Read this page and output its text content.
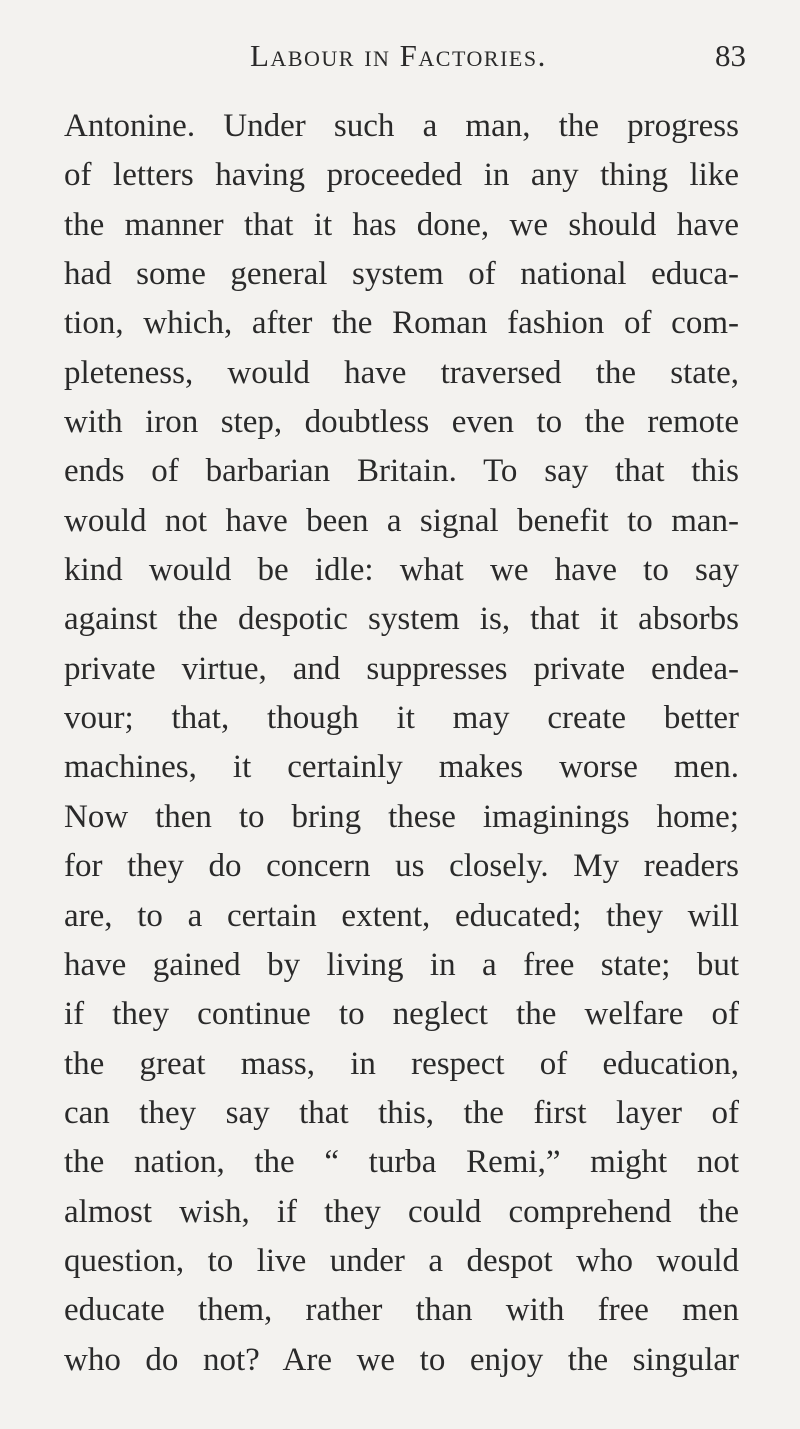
Labour in Factories.	83
Antonine. Under such a man, the progress
of letters having proceeded in any thing like
the manner that it has done, we should have
had some general system of national educa-
tion, which, after the Roman fashion of com-
pleteness, would have traversed the state,
with iron step, doubtless even to the remote
ends of barbarian Britain. To say that this
would not have been a signal benefit to man-
kind would be idle: what we have to say
against the despotic system is, that it absorbs
private virtue, and suppresses private endea-
vour; that, though it may create better
machines, it certainly makes worse men.
Now then to bring these imaginings home;
for they do concern us closely. My readers
are, to a certain extent, educated; they will
have gained by living in a free state; but
if they continue to neglect the welfare of
the great mass, in respect of education,
can they say that this, the first layer of
the nation, the “ turba Remi,” might not
almost wish, if they could comprehend the
question, to live under a despot who would
educate them, rather than with free men
who do not? Are we to enjoy the singular
